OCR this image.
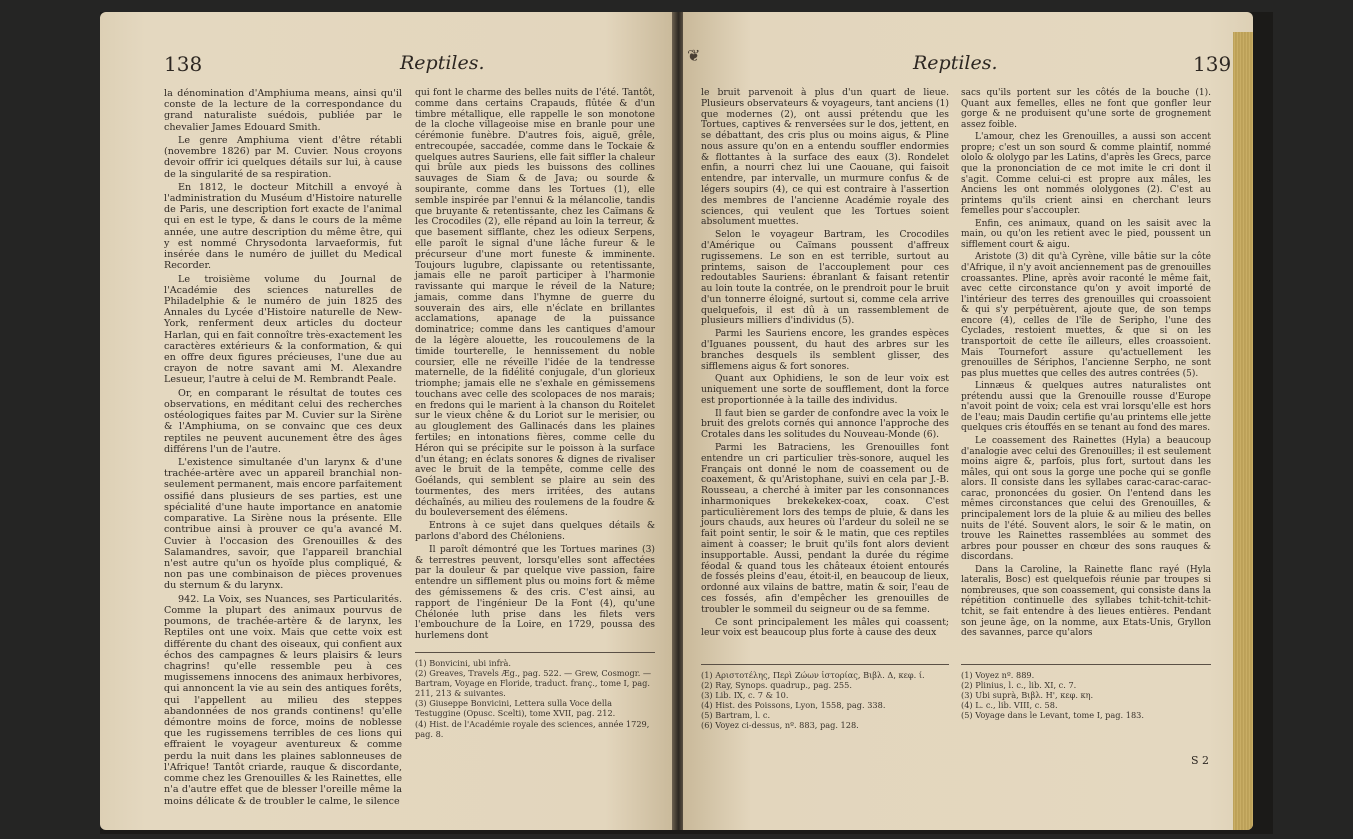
138	Reptiles.

la dénomination d'Amphiuma means, ainsi qu'il conste de la lecture de la correspondance du grand naturaliste suédois, publiée par le chevalier James Edouard Smith.

Le genre Amphiuma vient d'être rétabli (novembre 1826) par M. Cuvier. Nous croyons devoir offrir ici quelques détails sur lui, à cause de la singularité de sa respiration.

En 1812, le docteur Mitchill a envoyé à l'administration du Muséum d'Histoire naturelle de Paris, une description fort exacte de l'animal qui en est le type, & dans le cours de la même année, une autre description du même être, qui y est nommé Chrysodonta larvaeformis, fut insérée dans le numéro de juillet du Medical Recorder.

Le troisième volume du Journal de l'Académie des sciences naturelles de Philadelphie & le numéro de juin 1825 des Annales du Lycée d'Histoire naturelle de New-York, renferment deux articles du docteur Harlan, qui en fait connoître très-exactement les caractères extérieurs & la conformation, & qui en offre deux figures précieuses, l'une due au crayon de notre savant ami M. Alexandre Lesueur, l'autre à celui de M. Rembrandt Peale.

Or, en comparant le résultat de toutes ces observations, en méditant celui des recherches ostéologiques faites par M. Cuvier sur la Sirène & l'Amphiuma, on se convainc que ces deux reptiles ne peuvent aucunement être des âges différens l'un de l'autre.

L'existence simultanée d'un larynx & d'une trachée-artère avec un appareil branchial non-seulement permanent, mais encore parfaitement ossifié dans plusieurs de ses parties, est une spécialité d'une haute importance en anatomie comparative. La Sirène nous la présente. Elle contribue ainsi à prouver ce qu'a avancé M. Cuvier à l'occasion des Grenouilles & des Salamandres, savoir, que l'appareil branchial n'est autre qu'un os hyoïde plus compliqué, & non pas une combinaison de pièces provenues du sternum & du larynx.

942. La Voix, ses Nuances, ses Particularités. Comme la plupart des animaux pourvus de poumons, de trachée-artère & de larynx, les Reptiles ont une voix. Mais que cette voix est différente du chant des oiseaux, qui confient aux échos des campagnes & leurs plaisirs & leurs chagrins! qu'elle ressemble peu à ces mugissemens innocens des animaux herbivores, qui annoncent la vie au sein des antiques forêts, qui l'appellent au milieu des steppes abandonnées de nos grands continens! qu'elle démontre moins de force, moins de noblesse que les rugissemens terribles de ces lions qui effraient le voyageur aventureux & comme perdu la nuit dans les plaines sablonneuses de l'Afrique! Tantôt criarde, rauque & discordante, comme chez les Grenouilles & les Rainettes, elle n'a d'autre effet que de blesser l'oreille même la moins délicate & de troubler le calme, le silence

qui font le charme des belles nuits de l'été. Tantôt, comme dans certains Crapauds, flûtée & d'un timbre métallique, elle rappelle le son monotone de la cloche villageoise mise en branle pour une cérémonie funèbre. D'autres fois, aiguë, grêle, entrecoupée, saccadée, comme dans le Tockaie & quelques autres Sauriens, elle fait siffler la chaleur qui brûle aux pieds les buissons des collines sauvages de Siam & de Java; ou sourde & soupirante, comme dans les Tortues (1), elle semble inspirée par l'ennui & la mélancolie, tandis que bruyante & retentissante, chez les Caïmans & les Crocodiles (2), elle répand au loin la terreur, & que basement sifflante, chez les odieux Serpens, elle paroît le signal d'une lâche fureur & le précurseur d'une mort funeste & imminente. Toujours lugubre, clapissante ou retentissante, jamais elle ne paroît participer à l'harmonie ravissante qui marque le réveil de la Nature; jamais, comme dans l'hymne de guerre du souverain des airs, elle n'éclate en brillantes acclamations, apanage de la puissance dominatrice; comme dans les cantiques d'amour de la légère alouette, les roucoulemens de la timide tourterelle, le hennissement du noble coursier, elle ne réveille l'idée de la tendresse maternelle, de la fidélité conjugale, d'un glorieux triomphe; jamais elle ne s'exhale en gémissemens touchans avec celle des scolopaces de nos marais; en fredons qui le marient à la chanson du Roitelet sur le vieux chêne & du Loriot sur le merisier, ou au glouglement des Gallinacés dans les plaines fertiles; en intonations fières, comme celle du Héron qui se précipite sur le poisson à la surface d'un étang; en éclats sonores & dignes de rivaliser avec le bruit de la tempête, comme celle des Goélands, qui semblent se plaire au sein des tourmentes, des mers irritées, des autans déchaînés, au milieu des roulemens de la foudre & du bouleversement des élémens.

Entrons à ce sujet dans quelques détails & parlons d'abord des Chéloniens.

Il paroît démontré que les Tortues marines (3) & terrestres peuvent, lorsqu'elles sont affectées par la douleur & par quelque vive passion, faire entendre un sifflement plus ou moins fort & même des gémissemens & des cris. C'est ainsi, au rapport de l'ingénieur De la Font (4), qu'une Chélonée luth prise dans les filets vers l'embouchure de la Loire, en 1729, poussa des hurlemens dont

(1) Bonvicini, ubi infrà.
(2) Greaves, Travels Æg., pag. 522. — Grew, Cosmogr. — Bartram, Voyage en Floride, traduct. franç., tome I, pag. 211, 213 & suivantes.
(3) Giuseppe Bonvicini, Lettera sulla Voce della Testuggine (Opusc. Scelti), tome XVII, pag. 212.
(4) Hist. de l'Académie royale des sciences, année 1729, pag. 8.
❦	Reptiles.	139

le bruit parvenoit à plus d'un quart de lieue. Plusieurs observateurs & voyageurs, tant anciens (1) que modernes (2), ont aussi prétendu que les Tortues, captives & renversées sur le dos, jettent, en se débattant, des cris plus ou moins aigus, & Pline nous assure qu'on en a entendu souffler endormies & flottantes à la surface des eaux (3). Rondelet enfin, a nourri chez lui une Caouane, qui faisoit entendre, par intervalle, un murmure confus & de légers soupirs (4), ce qui est contraire à l'assertion des membres de l'ancienne Académie royale des sciences, qui veulent que les Tortues soient absolument muettes.

Selon le voyageur Bartram, les Crocodiles d'Amérique ou Caïmans poussent d'affreux rugissemens. Le son en est terrible, surtout au printems, saison de l'accouplement pour ces redoutables Sauriens: ébranlant & faisant retentir au loin toute la contrée, on le prendroit pour le bruit d'un tonnerre éloigné, surtout si, comme cela arrive quelquefois, il est dû à un rassemblement de plusieurs milliers d'individus (5).

Parmi les Sauriens encore, les grandes espèces d'Iguanes poussent, du haut des arbres sur les branches desquels ils semblent glisser, des sifflemens aigus & fort sonores.

Quant aux Ophidiens, le son de leur voix est uniquement une sorte de soufflement, dont la force est proportionnée à la taille des individus.

Il faut bien se garder de confondre avec la voix le bruit des grelots cornés qui annonce l'approche des Crotales dans les solitudes du Nouveau-Monde (6).

Parmi les Batraciens, les Grenouilles font entendre un cri particulier très-sonore, auquel les Français ont donné le nom de coassement ou de coaxement, & qu'Aristophane, suivi en cela par J.-B. Rousseau, a cherché à imiter par les consonnances inharmoniques brekekekex-coax, coax. C'est particulièrement lors des temps de pluie, & dans les jours chauds, aux heures où l'ardeur du soleil ne se fait point sentir, le soir & le matin, que ces reptiles aiment à coasser; le bruit qu'ils font alors devient insupportable. Aussi, pendant la durée du régime féodal & quand tous les châteaux étoient entourés de fossés pleins d'eau, étoit-il, en beaucoup de lieux, ordonné aux vilains de battre, matin & soir, l'eau de ces fossés, afin d'empêcher les grenouilles de troubler le sommeil du seigneur ou de sa femme.

Ce sont principalement les mâles qui coassent; leur voix est beaucoup plus forte à cause des deux

sacs qu'ils portent sur les côtés de la bouche (1). Quant aux femelles, elles ne font que gonfler leur gorge & ne produisent qu'une sorte de grognement assez foible.

L'amour, chez les Grenouilles, a aussi son accent propre; c'est un son sourd & comme plaintif, nommé ololo & ololygo par les Latins, d'après les Grecs, parce que la prononciation de ce mot imite le cri dont il s'agit. Comme celui-ci est propre aux mâles, les Anciens les ont nommés ololygones (2). C'est au printems qu'ils crient ainsi en cherchant leurs femelles pour s'accoupler.

Enfin, ces animaux, quand on les saisit avec la main, ou qu'on les retient avec le pied, poussent un sifflement court & aigu.

Aristote (3) dit qu'à Cyrène, ville bâtie sur la côte d'Afrique, il n'y avoit anciennement pas de grenouilles croassantes. Pline, après avoir raconté le même fait, avec cette circonstance qu'on y avoit importé de l'intérieur des terres des grenouilles qui croassoient & qui s'y perpétuèrent, ajoute que, de son temps encore (4), celles de l'île de Seripho, l'une des Cyclades, restoient muettes, & que si on les transportoit de cette île ailleurs, elles croassoient. Mais Tournefort assure qu'actuellement les grenouilles de Sériphos, l'ancienne Serpho, ne sont pas plus muettes que celles des autres contrées (5).

Linnæus & quelques autres naturalistes ont prétendu aussi que la Grenouille rousse d'Europe n'avoit point de voix; cela est vrai lorsqu'elle est hors de l'eau; mais Daudin certifie qu'au printems elle jette quelques cris étouffés en se tenant au fond des mares.

Le coassement des Rainettes (Hyla) a beaucoup d'analogie avec celui des Grenouilles; il est seulement moins aigre &, parfois, plus fort, surtout dans les mâles, qui ont sous la gorge une poche qui se gonfle alors. Il consiste dans les syllabes carac-carac-carac-carac, prononcées du gosier. On l'entend dans les mêmes circonstances que celui des Grenouilles, & principalement lors de la pluie & au milieu des belles nuits de l'été. Souvent alors, le soir & le matin, on trouve les Rainettes rassemblées au sommet des arbres pour pousser en chœur des sons rauques & discordans.

Dans la Caroline, la Rainette flanc rayé (Hyla lateralis, Bosc) est quelquefois réunie par troupes si nombreuses, que son coassement, qui consiste dans la répétition continuelle des syllabes tchit-tchit-tchit-tchit, se fait entendre à des lieues entières. Pendant son jeune âge, on la nomme, aux Etats-Unis, Gryllon des savannes, parce qu'alors

(1) Αριστοτέλης, Περὶ Ζώων ἱστορίας, Βιβλ. Δ, κεφ. ί.
(2) Ray, Synops. quadrup., pag. 255.
(3) Lib. IX, c. 7 & 10.
(4) Hist. des Poissons, Lyon, 1558, pag. 338.
(5) Bartram, l. c.
(6) Voyez ci-dessus, nº. 883, pag. 128.
(1) Voyez nº. 889.
(2) Plinius, l. c., lib. XI, c. 7.
(3) Ubi suprà, Βιβλ. Η', κεφ. κη.
(4) L. c., lib. VIII, c. 58.
(5) Voyage dans le Levant, tome I, pag. 183.
S 2
